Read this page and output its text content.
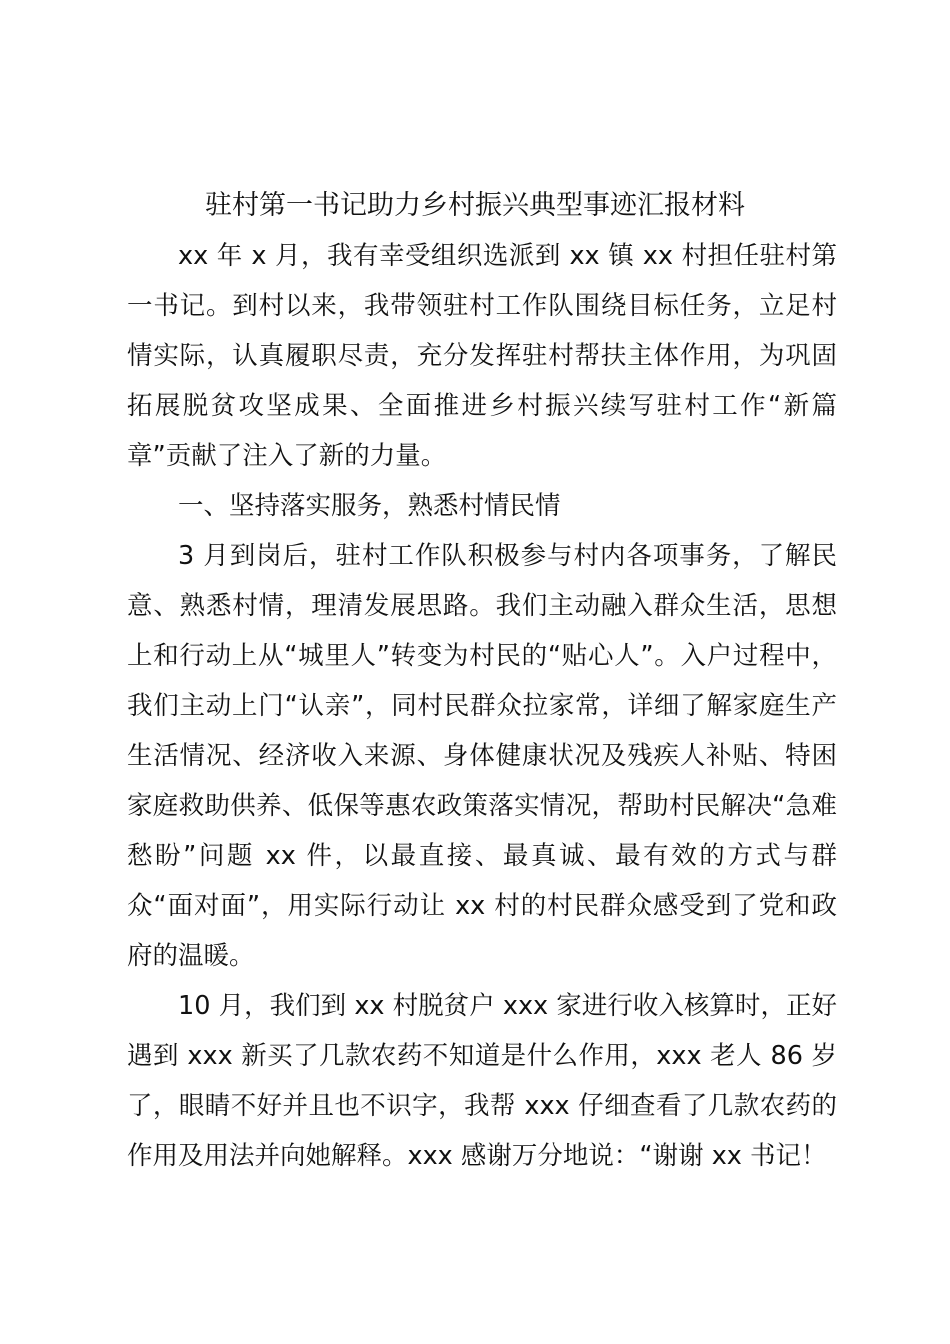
驻村第一书记助力乡村振兴典型事迹汇报材料

xx 年 x 月，我有幸受组织选派到 xx 镇 xx 村担任驻村第一书记。到村以来，我带领驻村工作队围绕目标任务，立足村情实际，认真履职尽责，充分发挥驻村帮扶主体作用，为巩固拓展脱贫攻坚成果、全面推进乡村振兴续写驻村工作“新篇章”贡献了注入了新的力量。

一、坚持落实服务，熟悉村情民情

3 月到岗后，驻村工作队积极参与村内各项事务，了解民意、熟悉村情，理清发展思路。我们主动融入群众生活，思想上和行动上从“城里人”转变为村民的“贴心人”。入户过程中，我们主动上门“认亲”，同村民群众拉家常，详细了解家庭生产生活情况、经济收入来源、身体健康状况及残疾人补贴、特困家庭救助供养、低保等惠农政策落实情况，帮助村民解决“急难愁盼”问题 xx 件，以最直接、最真诚、最有效的方式与群众“面对面”，用实际行动让 xx 村的村民群众感受到了党和政府的温暖。

10 月，我们到 xx 村脱贫户 xxx 家进行收入核算时，正好遇到 xxx 新买了几款农药不知道是什么作用，xxx 老人 86 岁了，眼睛不好并且也不识字，我帮 xxx 仔细查看了几款农药的作用及用法并向她解释。xxx 感谢万分地说：“谢谢 xx 书记！
